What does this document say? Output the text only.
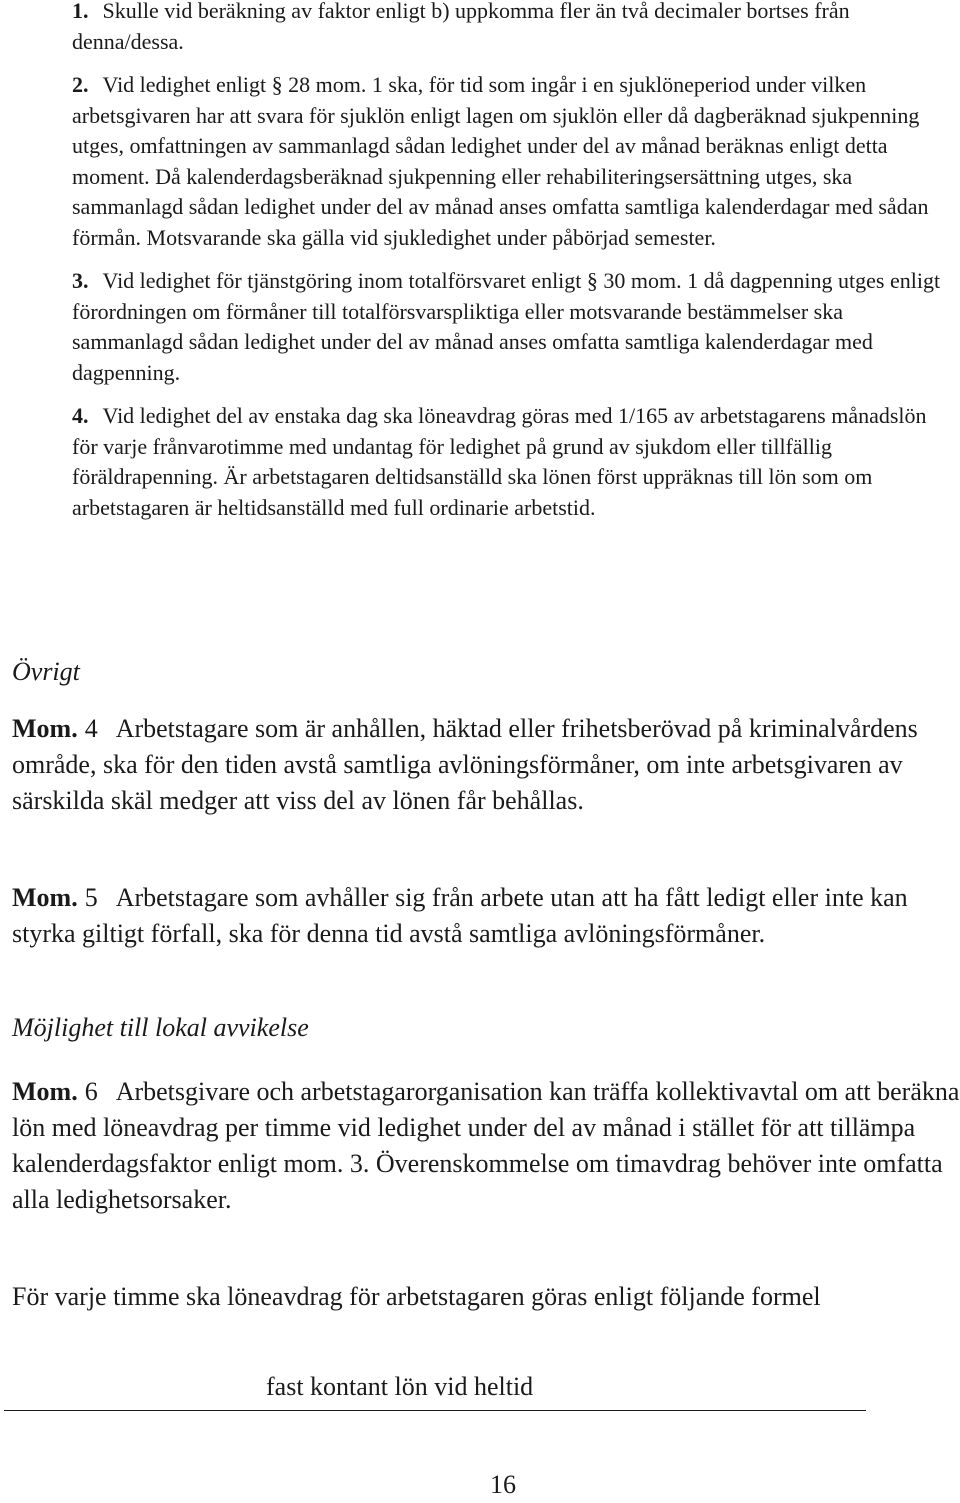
1. Skulle vid beräkning av faktor enligt b) uppkomma fler än två decimaler bortses från denna/dessa.

2. Vid ledighet enligt § 28 mom. 1 ska, för tid som ingår i en sjuklöneperiod under vilken arbetsgivaren har att svara för sjuklön enligt lagen om sjuklön eller då dagberäknad sjukpenning utges, omfattningen av sammanlagd sådan ledighet under del av månad beräknas enligt detta moment. Då kalenderdagsberäknad sjukpenning eller rehabiliteringsersättning utges, ska sammanlagd sådan ledighet under del av månad anses omfatta samtliga kalenderdagar med sådan förmån. Motsvarande ska gälla vid sjukledighet under påbörjad semester.

3. Vid ledighet för tjänstgöring inom totalförsvaret enligt § 30 mom. 1 då dagpenning utges enligt förordningen om förmåner till totalförsvarspliktiga eller motsvarande bestämmelser ska sammanlagd sådan ledighet under del av månad anses omfatta samtliga kalenderdagar med dagpenning.

4. Vid ledighet del av enstaka dag ska löneavdrag göras med 1/165 av arbetstagarens månadslön för varje frånvarotimme med undantag för ledighet på grund av sjukdom eller tillfällig föräldrapenning. Är arbetstagaren deltidsanställd ska lönen först uppräknas till lön som om arbetstagaren är heltidsanställd med full ordinarie arbetstid.

Övrigt

Mom. 4 Arbetstagare som är anhållen, häktad eller frihetsberövad på kriminalvårdens område, ska för den tiden avstå samtliga avlöningsförmåner, om inte arbetsgivaren av särskilda skäl medger att viss del av lönen får behållas.

Mom. 5 Arbetstagare som avhåller sig från arbete utan att ha fått ledigt eller inte kan styrka giltigt förfall, ska för denna tid avstå samtliga avlöningsförmåner.

Möjlighet till lokal avvikelse

Mom. 6 Arbetsgivare och arbetstagarorganisation kan träffa kollektivavtal om att beräkna lön med löneavdrag per timme vid ledighet under del av månad i stället för att tillämpa kalenderdagsfaktor enligt mom. 3. Överenskommelse om timavdrag behöver inte omfatta alla ledighetsorsaker.

För varje timme ska löneavdrag för arbetstagaren göras enligt följande formel

fast kontant lön vid heltid
16
